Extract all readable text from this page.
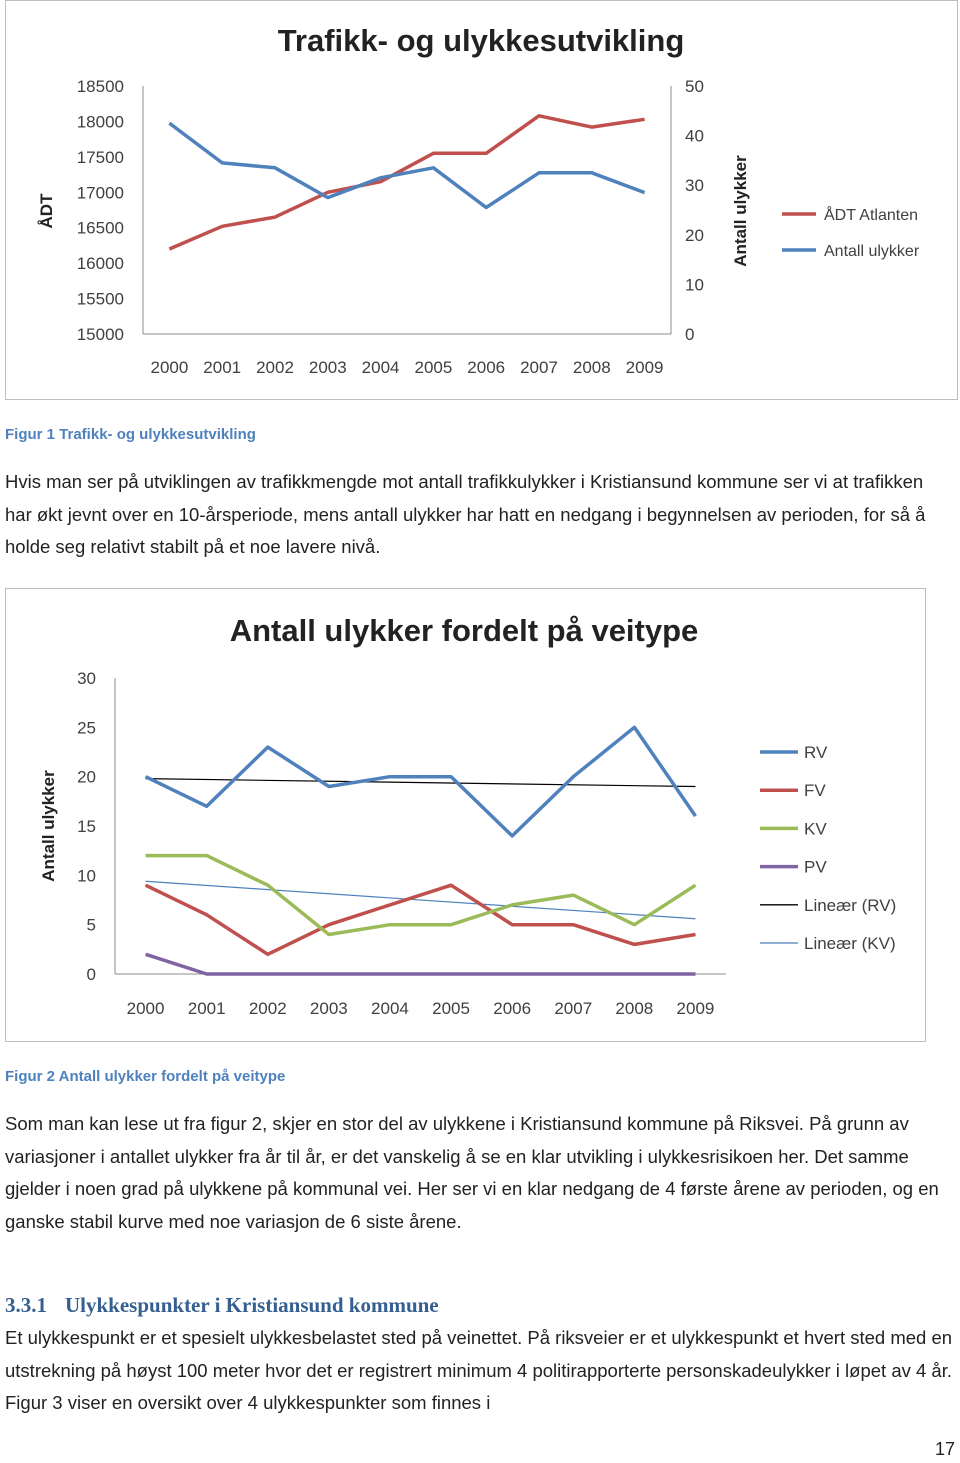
Trafikk- og ulykkesutvikling
18500
18000
17500
17000
16500
16000
15500
15000
50
40
30
20
10
0
2000 2001 2002 2003 2004 2005 2006 2007 2008 2009
ÅDT	Antall ulykker	ÅDT Atlanten
Antall ulykker
Figur 1 Trafikk- og ulykkesutvikling
Hvis man ser på utviklingen av trafikkmengde mot antall trafikkulykker i Kristiansund kommune ser vi at trafikken har økt jevnt over en 10-årsperiode, mens antall ulykker har hatt en nedgang i begynnelsen av perioden, for så å holde seg relativt stabilt på et noe lavere nivå.
Antall ulykker fordelt på veitype
30
25
20
15
10
5
0
2000 2001 2002 2003 2004 2005 2006 2007 2008 2009
Antall ulykker
RV
FV
KV
PV
Lineær (RV)
Lineær (KV)
Figur 2 Antall ulykker fordelt på veitype
Som man kan lese ut fra figur 2, skjer en stor del av ulykkene i Kristiansund kommune på Riksvei. På grunn av variasjoner i antallet ulykker fra år til år, er det vanskelig å se en klar utvikling i ulykkesrisikoen her. Det samme gjelder i noen grad på ulykkene på kommunal vei. Her ser vi en klar nedgang de 4 første årene av perioden, og en ganske stabil kurve med noe variasjon de 6 siste årene.
3.3.1 Ulykkespunkter i Kristiansund kommune
Et ulykkespunkt er et spesielt ulykkesbelastet sted på veinettet. På riksveier er et ulykkespunkt et hvert sted med en utstrekning på høyst 100 meter hvor det er registrert minimum 4 politirapporterte personskadeulykker i løpet av 4 år. Figur 3 viser en oversikt over 4 ulykkespunkter som finnes i
17
